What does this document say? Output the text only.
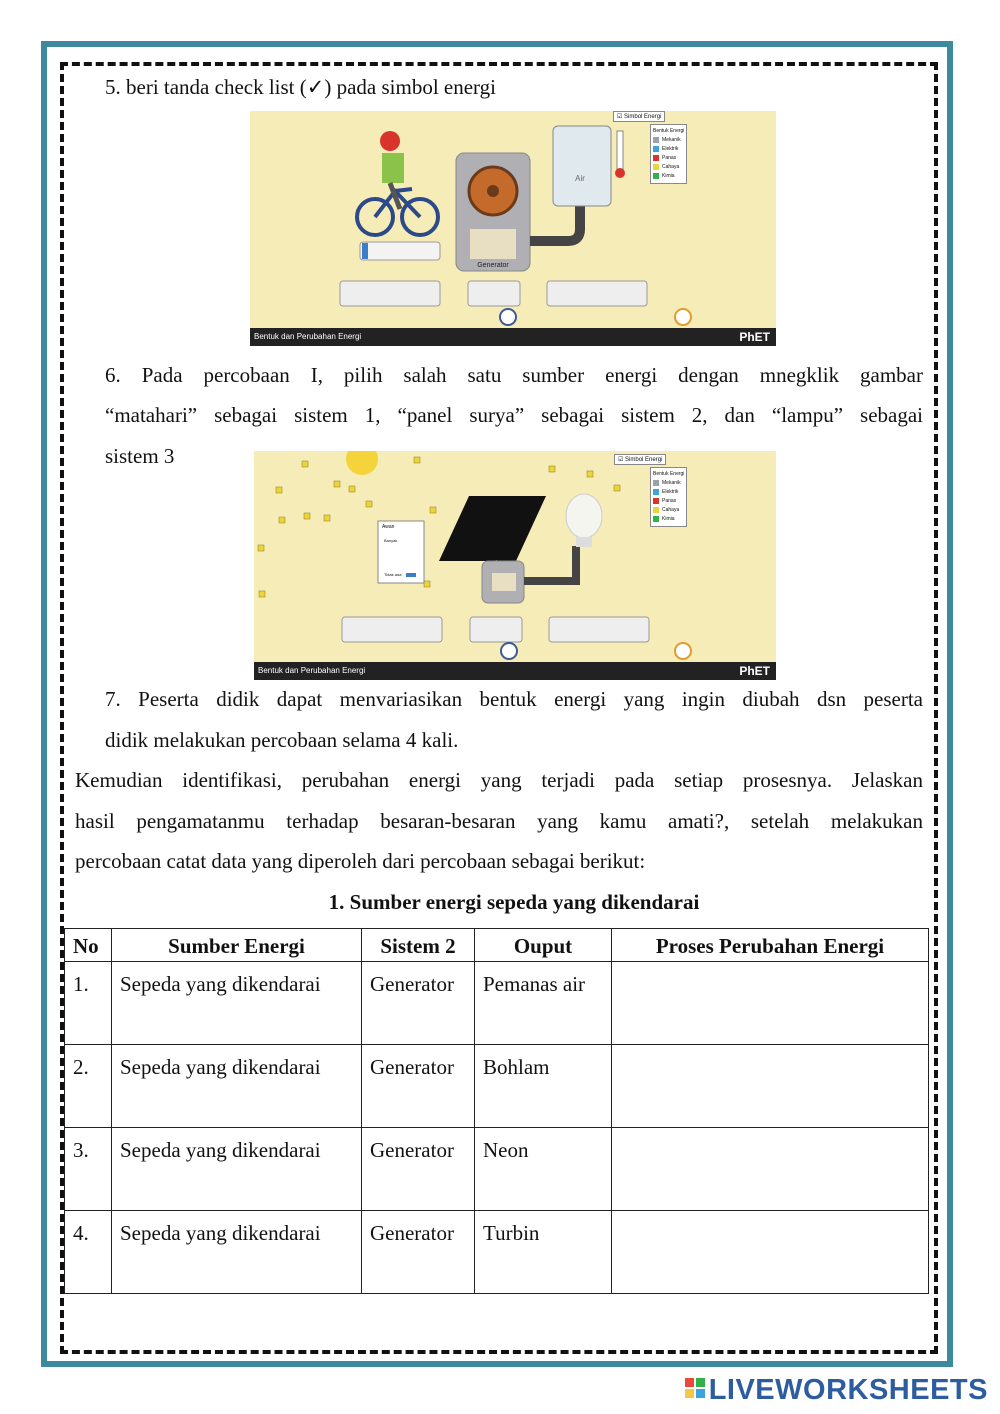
5. beri tanda check list (✓) pada simbol energi
Generator
Air
☑ Simbol Energi
Bentuk Energi
Mekanik
Elektrik
Panas
Cahaya
Kimia
Bentuk dan Perubahan Energi	PhET
6. Pada percobaan I, pilih salah satu sumber energi dengan mnegklik gambar
“matahari” sebagai sistem 1, “panel surya” sebagai sistem 2, dan “lampu” sebagai
sistem 3
Awan
Banyak
Tidak ada
☑ Simbol Energi
Bentuk Energi
Mekanik
Elektrik
Panas
Cahaya
Kimia
Bentuk dan Perubahan Energi	PhET
7. Peserta didik dapat menvariasikan bentuk energi yang ingin diubah dsn peserta
didik melakukan percobaan selama 4 kali.
Kemudian identifikasi, perubahan energi yang terjadi pada setiap prosesnya. Jelaskan
hasil pengamatanmu terhadap besaran-besaran yang kamu amati?, setelah melakukan
percobaan catat data yang diperoleh dari percobaan sebagai berikut:
1. Sumber energi sepeda yang dikendarai
No	Sumber Energi	Sistem 2	Ouput	Proses Perubahan Energi
1.	Sepeda yang dikendarai	Generator	Pemanas air	
2.	Sepeda yang dikendarai	Generator	Bohlam	
3.	Sepeda yang dikendarai	Generator	Neon	
4.	Sepeda yang dikendarai	Generator	Turbin	
LIVEWORKSHEETS
